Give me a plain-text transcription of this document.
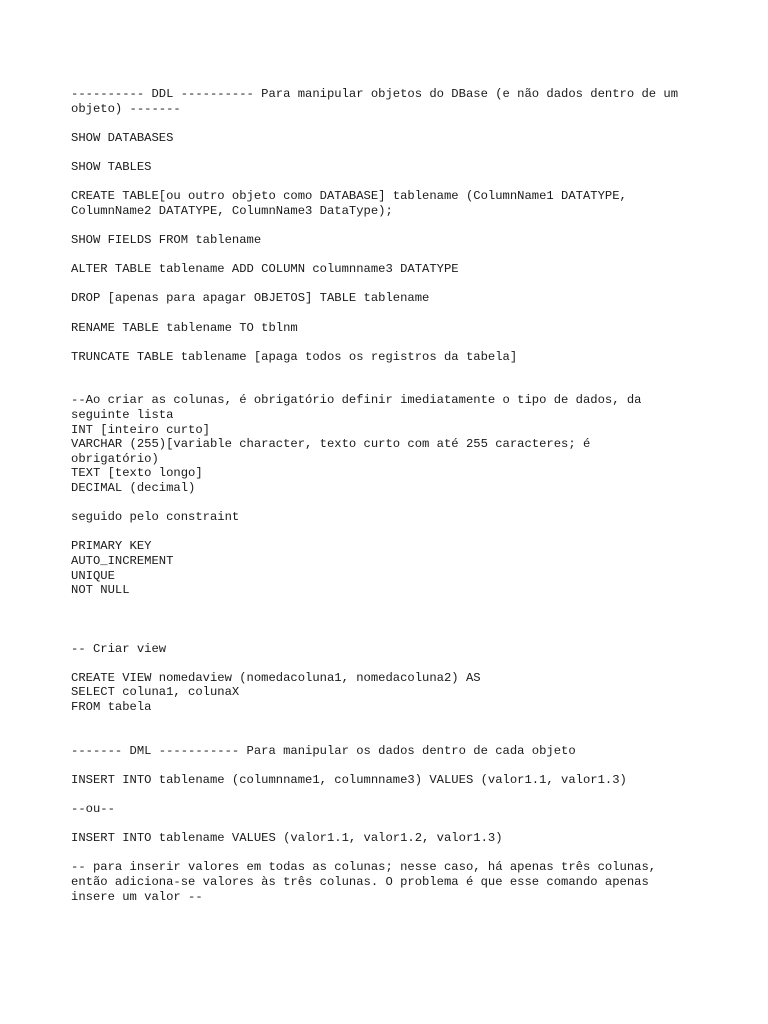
---------- DDL ---------- Para manipular objetos do DBase (e não dados dentro de um
objeto) -------
SHOW DATABASES
SHOW TABLES
CREATE TABLE[ou outro objeto como DATABASE] tablename (ColumnName1 DATATYPE,
ColumnName2 DATATYPE, ColumnName3 DataType);
SHOW FIELDS FROM tablename
ALTER TABLE tablename ADD COLUMN columnname3 DATATYPE
DROP [apenas para apagar OBJETOS] TABLE tablename
RENAME TABLE tablename TO tblnm
TRUNCATE TABLE tablename [apaga todos os registros da tabela]
--Ao criar as colunas, é obrigatório definir imediatamente o tipo de dados, da
seguinte lista
INT [inteiro curto]
VARCHAR (255)[variable character, texto curto com até 255 caracteres; é
obrigatório)
TEXT [texto longo]
DECIMAL (decimal)
seguido pelo constraint
PRIMARY KEY
AUTO_INCREMENT
UNIQUE
NOT NULL
-- Criar view
CREATE VIEW nomedaview (nomedacoluna1, nomedacoluna2) AS
SELECT coluna1, colunaX
FROM tabela
------- DML ----------- Para manipular os dados dentro de cada objeto
INSERT INTO tablename (columnname1, columnname3) VALUES (valor1.1, valor1.3)
--ou--
INSERT INTO tablename VALUES (valor1.1, valor1.2, valor1.3)
-- para inserir valores em todas as colunas; nesse caso, há apenas três colunas,
então adiciona-se valores às três colunas. O problema é que esse comando apenas
insere um valor --
